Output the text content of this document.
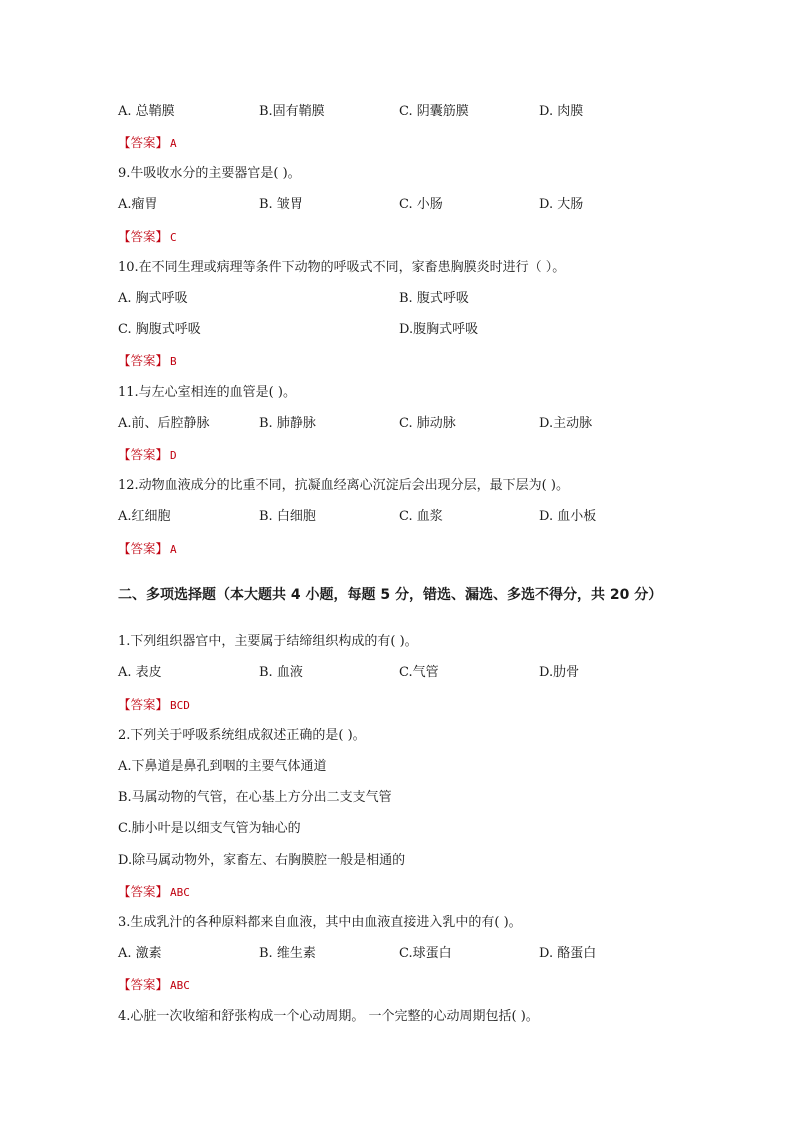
A. 总鞘膜	B.固有鞘膜	C. 阴囊筋膜	D. 肉膜
【答案】 A
9.牛吸收水分的主要器官是( )。
A.瘤胃	B. 皱胃	C. 小肠	D. 大肠
【答案】 C
10.在不同生理或病理等条件下动物的呼吸式不同，家畜患胸膜炎时进行（ ）。
A. 胸式呼吸	B. 腹式呼吸
C. 胸腹式呼吸	D.腹胸式呼吸
【答案】 B
11.与左心室相连的血管是( )。
A.前、后腔静脉	B. 肺静脉	C. 肺动脉	D.主动脉
【答案】 D
12.动物血液成分的比重不同，抗凝血经离心沉淀后会出现分层，最下层为( )。
A.红细胞	B. 白细胞	C. 血浆	D. 血小板
【答案】 A
二、多项选择题（本大题共 4 小题，每题 5 分，错选、漏选、多选不得分，共 20 分）
1.下列组织器官中，主要属于结缔组织构成的有( )。
A. 表皮	B. 血液	C.气管	D.肋骨
【答案】 BCD
2.下列关于呼吸系统组成叙述正确的是( )。
A.下鼻道是鼻孔到咽的主要气体通道
B.马属动物的气管，在心基上方分出二支支气管
C.肺小叶是以细支气管为轴心的
D.除马属动物外，家畜左、右胸膜腔一般是相通的
【答案】 ABC
3.生成乳汁的各种原料都来自血液，其中由血液直接进入乳中的有( )。
A. 激素	B. 维生素	C.球蛋白	D. 酪蛋白
【答案】 ABC
4.心脏一次收缩和舒张构成一个心动周期。 一个完整的心动周期包括( )。
